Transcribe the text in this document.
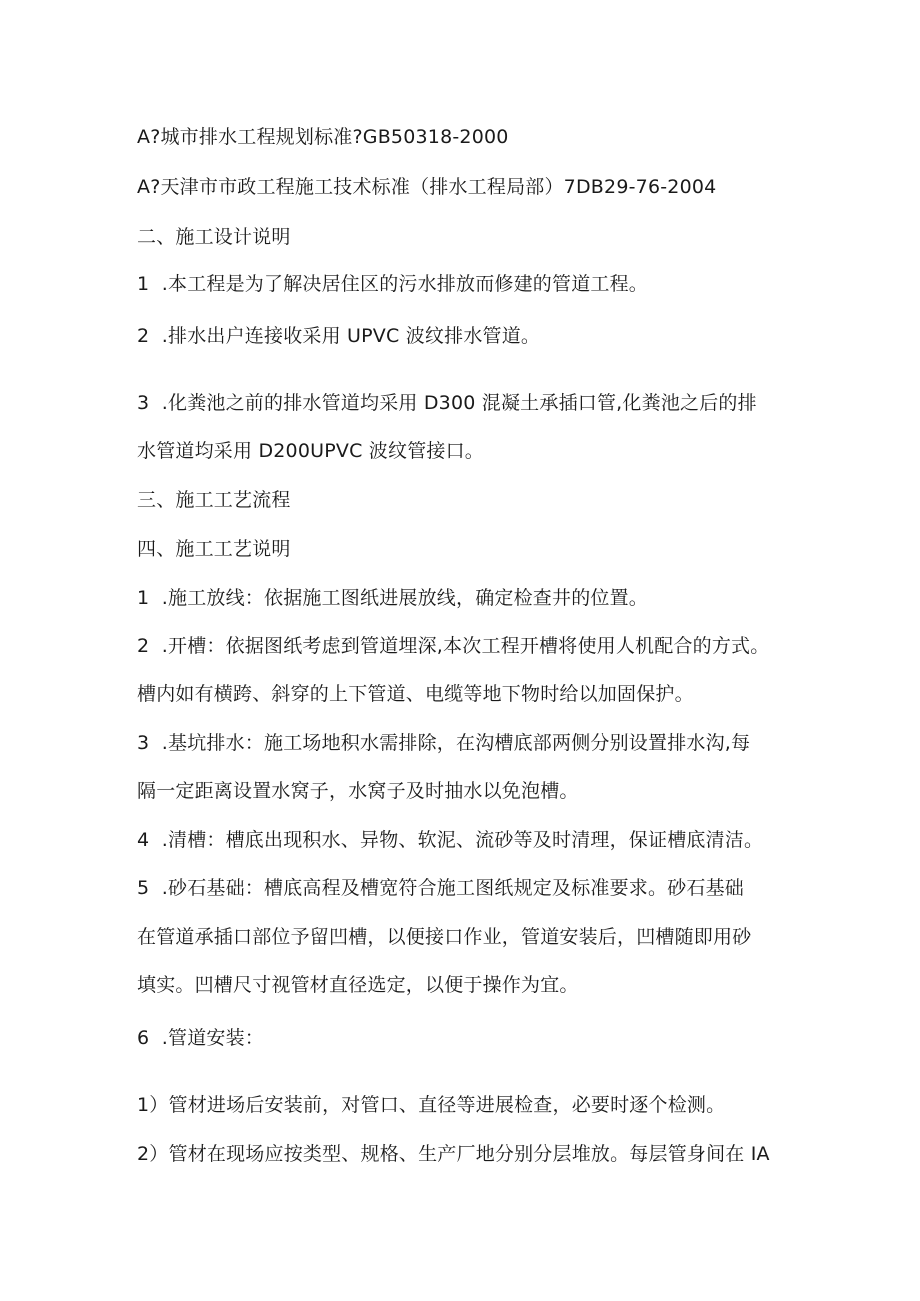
A?城市排水工程规划标准?GB50318-2000
A?天津市市政工程施工技术标准（排水工程局部）7DB29-76-2004
二、施工设计说明
1  .本工程是为了解决居住区的污水排放而修建的管道工程。
2  .排水出户连接收采用 UPVC 波纹排水管道。
3  .化粪池之前的排水管道均采用 D300 混凝土承插口管,化粪池之后的排
水管道均采用 D200UPVC 波纹管接口。
三、施工工艺流程
四、施工工艺说明
1  .施工放线：依据施工图纸进展放线，确定检查井的位置。
2  .开槽：依据图纸考虑到管道埋深,本次工程开槽将使用人机配合的方式。
槽内如有横跨、斜穿的上下管道、电缆等地下物时给以加固保护。
3  .基坑排水：施工场地积水需排除，在沟槽底部两侧分别设置排水沟,每
隔一定距离设置水窝子，水窝子及时抽水以免泡槽。
4  .清槽：槽底出现积水、异物、软泥、流砂等及时清理，保证槽底清洁。
5  .砂石基础：槽底高程及槽宽符合施工图纸规定及标准要求。砂石基础
在管道承插口部位予留凹槽，以便接口作业，管道安装后，凹槽随即用砂
填实。凹槽尺寸视管材直径选定，以便于操作为宜。
6  .管道安装：
1）管材进场后安装前，对管口、直径等进展检查，必要时逐个检测。
2）管材在现场应按类型、规格、生产厂地分别分层堆放。每层管身间在 IA
